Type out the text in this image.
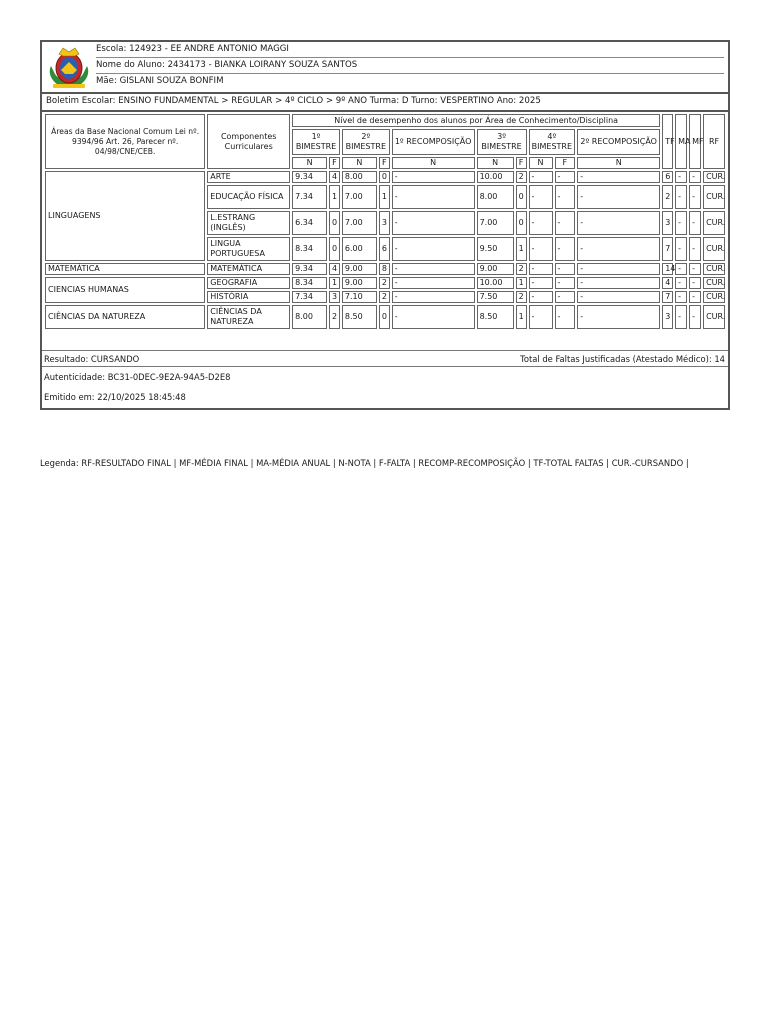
Escola: 124923 - EE ANDRE ANTONIO MAGGI
Nome do Aluno: 2434173 - BIANKA LOIRANY SOUZA SANTOS
Mãe: GISLANI SOUZA BONFIM
Boletim Escolar: ENSINO FUNDAMENTAL > REGULAR > 4º CICLO > 9º ANO Turma: D Turno: VESPERTINO Ano: 2025
Áreas da Base Nacional Comum Lei nº. 9394/96 Art. 26, Parecer nº. 04/98/CNE/CEB.	Componentes Curriculares	Nível de desempenho dos alunos por Área de Conhecimento/Disciplina										TF	MA	MF	RF
		1º BIMESTRE		2º BIMESTRE		1º RECOMPOSIÇÃO	3º BIMESTRE		4º BIMESTRE		2º RECOMPOSIÇÃO				
		N	F	N	F	N	N	F	N	F	N				
LINGUAGENS	ARTE	9.34	4	8.00	0	-	10.00	2	-	-	-	6	-	-	CUR.
	EDUCAÇÃO FÍSICA	7.34	1	7.00	1	-	8.00	0	-	-	-	2	-	-	CUR.
	L.ESTRANG (INGLÊS)	6.34	0	7.00	3	-	7.00	0	-	-	-	3	-	-	CUR.
	LINGUA PORTUGUESA	8.34	0	6.00	6	-	9.50	1	-	-	-	7	-	-	CUR.
MATEMÁTICA	MATEMÁTICA	9.34	4	9.00	8	-	9.00	2	-	-	-	14	-	-	CUR.
CIENCIAS HUMANAS	GEOGRAFIA	8.34	1	9.00	2	-	10.00	1	-	-	-	4	-	-	CUR.
	HISTÓRIA	7.34	3	7.10	2	-	7.50	2	-	-	-	7	-	-	CUR.
CIÊNCIAS DA NATUREZA	CIÊNCIAS DA NATUREZA	8.00	2	8.50	0	-	8.50	1	-	-	-	3	-	-	CUR.
Resultado: CURSANDO	Total de Faltas Justificadas (Atestado Médico): 14
Autenticidade: BC31-0DEC-9E2A-94A5-D2E8
Emitido em: 22/10/2025 18:45:48
Legenda: RF-RESULTADO FINAL | MF-MÉDIA FINAL | MA-MÉDIA ANUAL | N-NOTA | F-FALTA | RECOMP-RECOMPOSIÇÃO | TF-TOTAL FALTAS | CUR.-CURSANDO |
